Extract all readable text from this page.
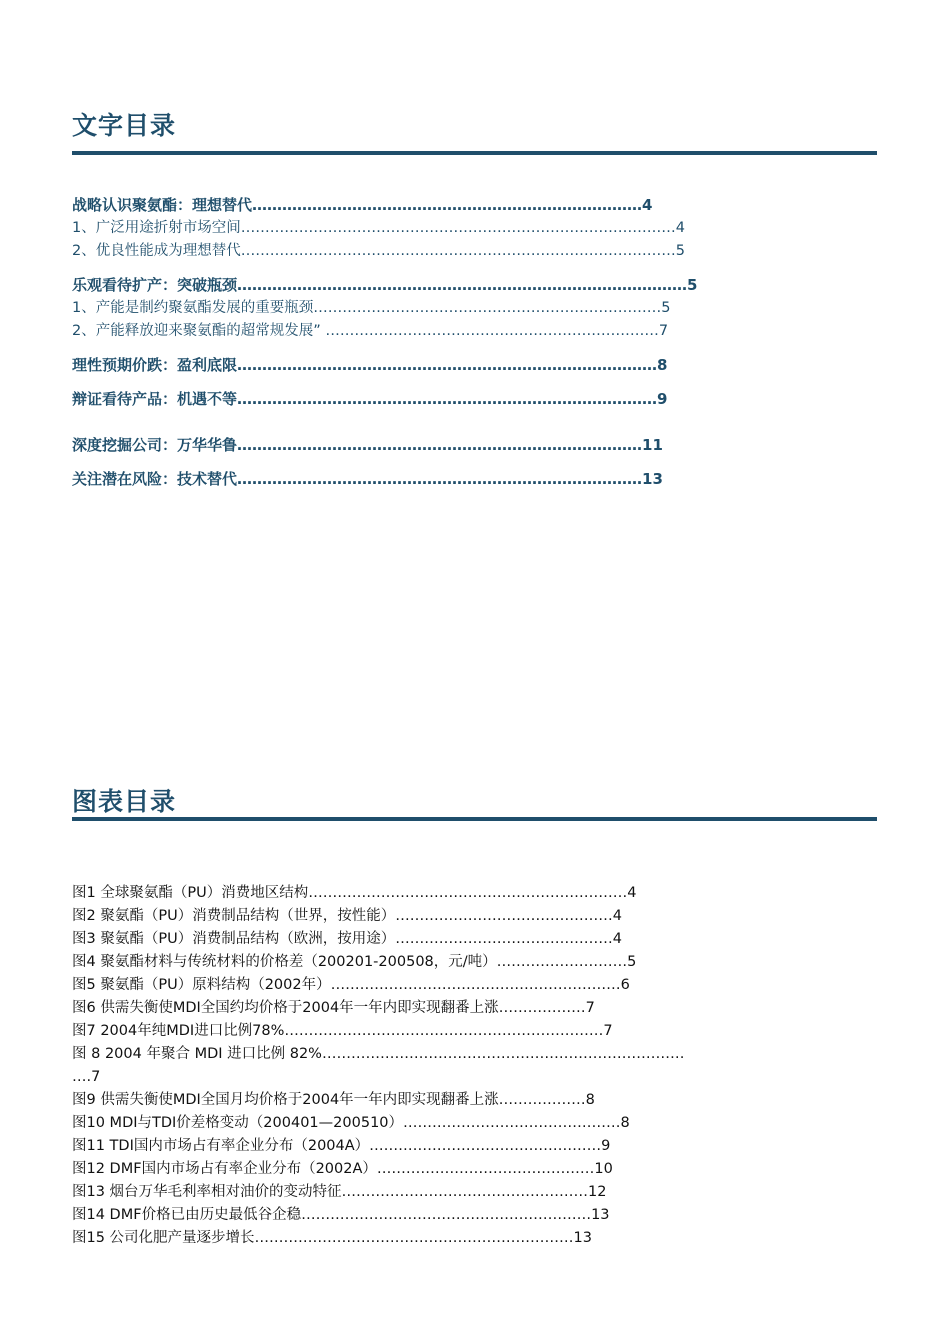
文字目录
战略认识聚氨酯：理想替代……………………………………………………………………4
1、广泛用途折射市场空间………………………………………………………………………………4
2、优良性能成为理想替代………………………………………………………………………………5
乐观看待扩产：突破瓶颈………………………………………………………………………………5
1、产能是制约聚氨酯发展的重要瓶颈………………………………………………………………5
2、产能释放迎来聚氨酯的超常规发展” ……………………………………………………………7
理性预期价跌：盈利底限…………………………………………………………………………8
辩证看待产品：机遇不等…………………………………………………………………………9
深度挖掘公司：万华华鲁………………………………………………………………………11
关注潜在风险：技术替代………………………………………………………………………13
图表目录
图1 全球聚氨酯（PU）消费地区结构…………………………………………………………4
图2 聚氨酯（PU）消费制品结构（世界，按性能）………………………………………4
图3 聚氨酯（PU）消费制品结构（欧洲，按用途）………………………………………4
图4 聚氨酯材料与传统材料的价格差（200201-200508，元/吨）………………………5
图5 聚氨酯（PU）原料结构（2002年）……………………………………………………6
图6 供需失衡使MDI全国约均价格于2004年一年内即实现翻番上涨………………7
图7 2004年纯MDI进口比例78%…………………………………………………………7
图 8 2004 年聚合 MDI 进口比例 82%…………………………………………………………………
….7
图9 供需失衡使MDI全国月均价格于2004年一年内即实现翻番上涨………………8
图10 MDI与TDI价差格变动（200401—200510）………………………………………8
图11 TDI国内市场占有率企业分布（2004A）…………………………………………9
图12 DMF国内市场占有率企业分布（2002A）………………………………………10
图13 烟台万华毛利率相对油价的变动特征……………………………………………12
图14 DMF价格已由历史最低谷企稳……………………………………………………13
图15 公司化肥产量逐步增长…………………………………………………………13
